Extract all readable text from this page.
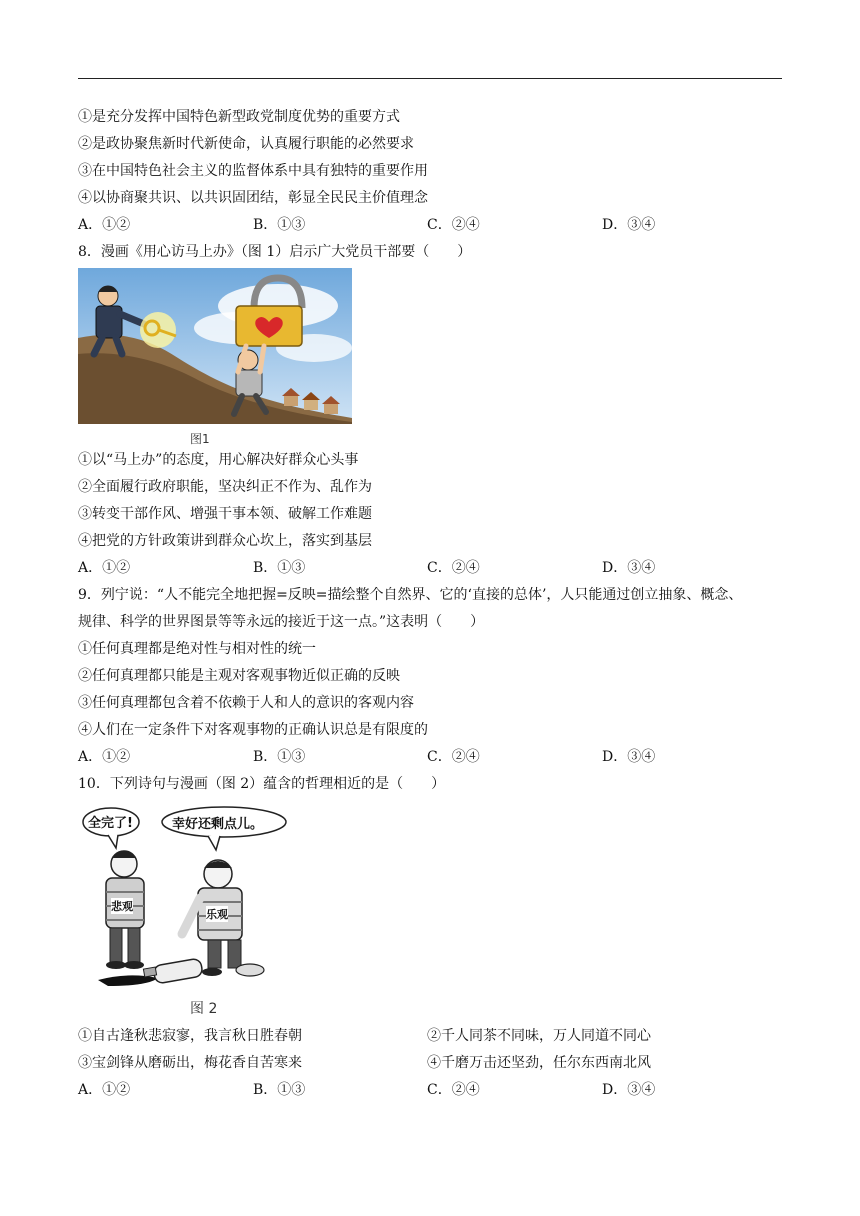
①是充分发挥中国特色新型政党制度优势的重要方式
②是政协聚焦新时代新使命，认真履行职能的必然要求
③在中国特色社会主义的监督体系中具有独特的重要作用
④以协商聚共识、以共识固团结，彰显全民民主价值理念
A．①②	B．①③	C．②④	D．③④
8．漫画《用心访马上办》（图 1）启示广大党员干部要（　　）
图1
①以“马上办”的态度，用心解决好群众心头事
②全面履行政府职能，坚决纠正不作为、乱作为
③转变干部作风、增强干事本领、破解工作难题
④把党的方针政策讲到群众心坎上，落实到基层
A．①②	B．①③	C．②④	D．③④
9．列宁说：“人不能完全地把握=反映=描绘整个自然界、它的‘直接的总体’，人只能通过创立抽象、概念、
规律、科学的世界图景等等永远的接近于这一点。”这表明（　　）
①任何真理都是绝对性与相对性的统一
②任何真理都只能是主观对客观事物近似正确的反映
③任何真理都包含着不依赖于人和人的意识的客观内容
④人们在一定条件下对客观事物的正确认识总是有限度的
A．①②	B．①③	C．②④	D．③④
10．下列诗句与漫画（图 2）蕴含的哲理相近的是（　　）
全完了!	幸好还剩点儿。
悲观
乐观
图 2
①自古逢秋悲寂寥，我言秋日胜春朝	②千人同茶不同味，万人同道不同心
③宝剑锋从磨砺出，梅花香自苦寒来	④千磨万击还坚劲，任尔东西南北风
A．①②	B．①③	C．②④	D．③④
